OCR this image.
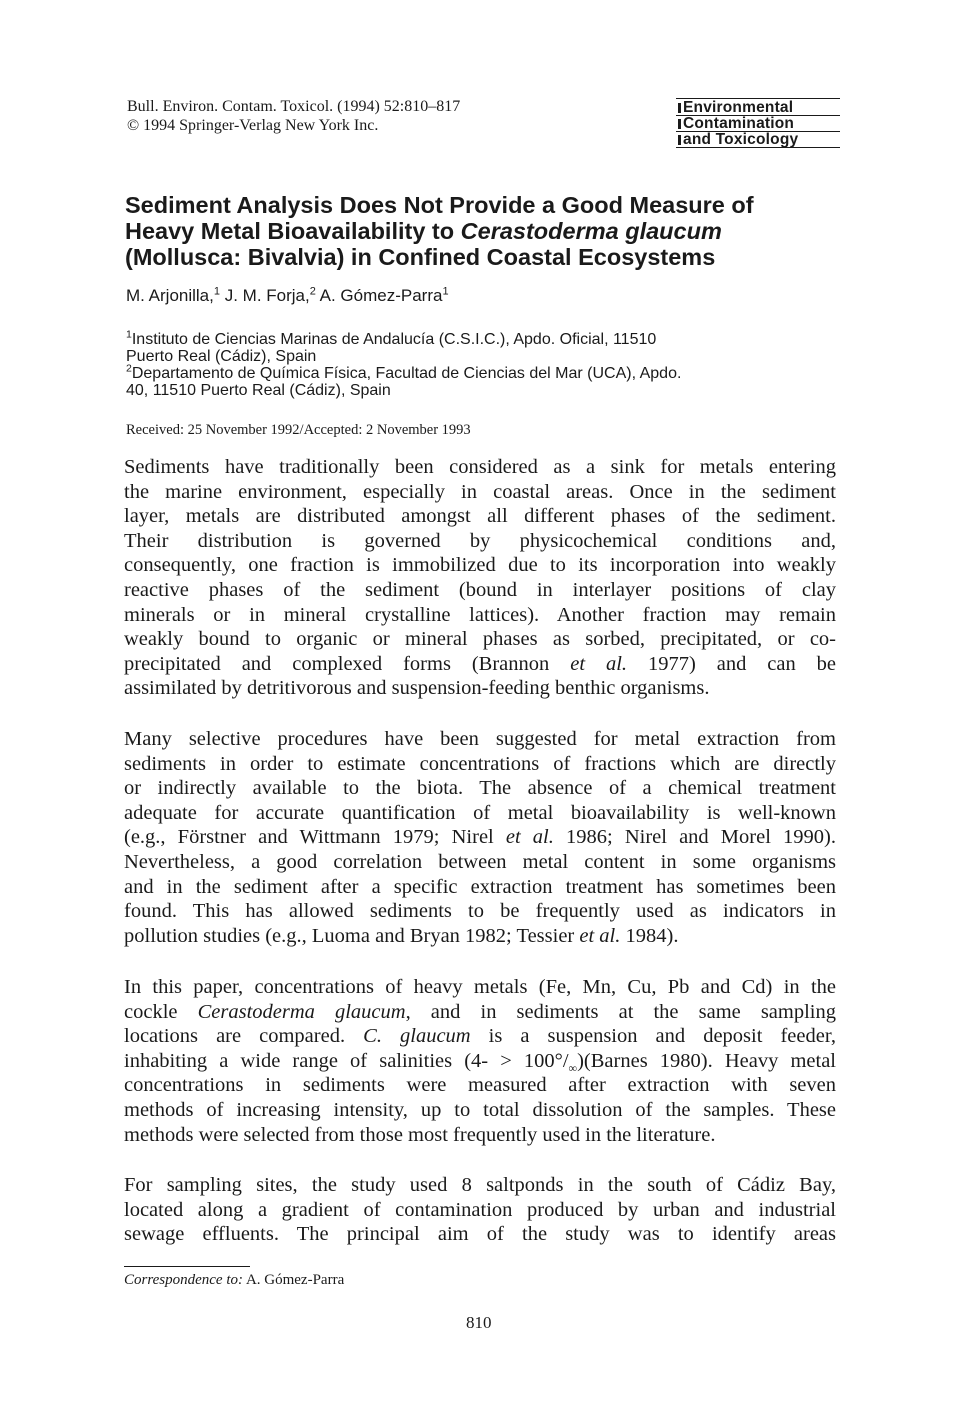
Bull. Environ. Contam. Toxicol. (1994) 52:810–817
© 1994 Springer-Verlag New York Inc.
Environmental
Contamination
and Toxicology
Sediment Analysis Does Not Provide a Good Measure of
Heavy Metal Bioavailability to Cerastoderma glaucum
(Mollusca: Bivalvia) in Confined Coastal Ecosystems
M. Arjonilla,$^1$ J. M. Forja,$^2$ A. Gómez-Parra$^1$
$^1$Instituto de Ciencias Marinas de Andalucía (C.S.I.C.), Apdo. Oficial, 11510
Puerto Real (Cádiz), Spain
$^2$Departamento de Química Física, Facultad de Ciencias del Mar (UCA), Apdo.
40, 11510 Puerto Real (Cádiz), Spain
Received: 25 November 1992/Accepted: 2 November 1993
Sediments have traditionally been considered as a sink for metals entering
the marine environment, especially in coastal areas. Once in the sediment
layer, metals are distributed amongst all different phases of the sediment.
Their distribution is governed by physicochemical conditions and,
consequently, one fraction is immobilized due to its incorporation into weakly
reactive phases of the sediment (bound in interlayer positions of clay
minerals or in mineral crystalline lattices). Another fraction may remain
weakly bound to organic or mineral phases as sorbed, precipitated, or co-
precipitated and complexed forms (Brannon et al. 1977) and can be
assimilated by detritivorous and suspension-feeding benthic organisms.
Many selective procedures have been suggested for metal extraction from
sediments in order to estimate concentrations of fractions which are directly
or indirectly available to the biota. The absence of a chemical treatment
adequate for accurate quantification of metal bioavailability is well-known
(e.g., Förstner and Wittmann 1979; Nirel et al. 1986; Nirel and Morel 1990).
Nevertheless, a good correlation between metal content in some organisms
and in the sediment after a specific extraction treatment has sometimes been
found. This has allowed sediments to be frequently used as indicators in
pollution studies (e.g., Luoma and Bryan 1982; Tessier et al. 1984).
In this paper, concentrations of heavy metals (Fe, Mn, Cu, Pb and Cd) in the
cockle Cerastoderma glaucum, and in sediments at the same sampling
locations are compared. C. glaucum is a suspension and deposit feeder,
inhabiting a wide range of salinities $(4- > 100^\circ/_\infty)(Barnes$ 1980). Heavy metal
concentrations in sediments were measured after extraction with seven
methods of increasing intensity, up to total dissolution of the samples. These
methods were selected from those most frequently used in the literature.
For sampling sites, the study used 8 saltponds in the south of Cádiz Bay,
located along a gradient of contamination produced by urban and industrial
sewage effluents. The principal aim of the study was to identify areas
Correspondence to: A. Gómez-Parra
810
